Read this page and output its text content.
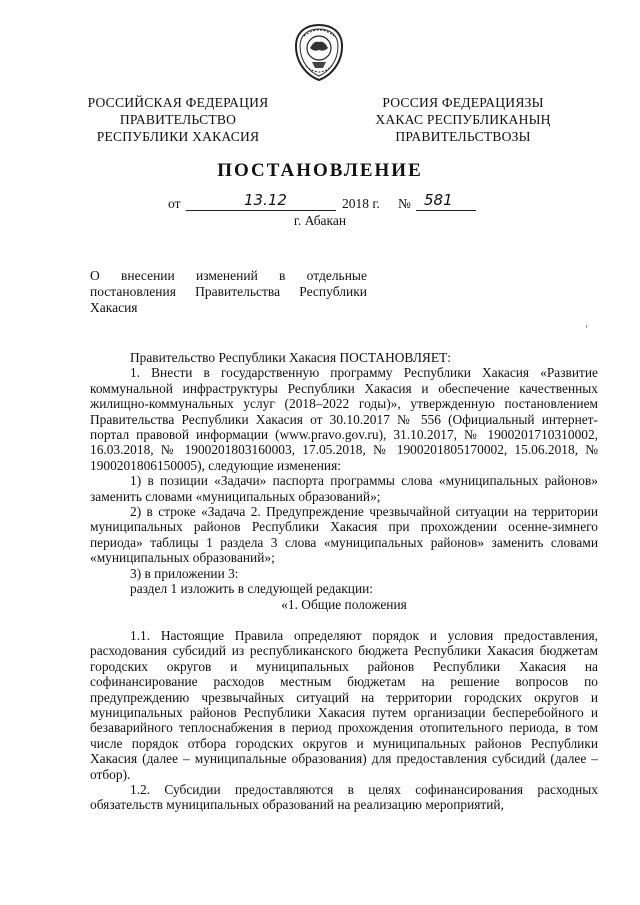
РОССИЙСКАЯ ФЕДЕРАЦИЯ
ПРАВИТЕЛЬСТВО
РЕСПУБЛИКИ ХАКАСИЯ
РОССИЯ ФЕДЕРАЦИЯЗЫ
ХАКАС РЕСПУБЛИКАНЫҢ
ПРАВИТЕЛЬСТВОЗЫ
ПОСТАНОВЛЕНИЕ
от	13.12	2018 г. № 581
г. Абакан
О внесении изменений в отдельные
постановления Правительства Республики
Хакасия
ʻ

Правительство Республики Хакасия ПОСТАНОВЛЯЕТ:

1. Внести в государственную программу Республики Хакасия «Развитие коммунальной инфраструктуры Республики Хакасия и обеспечение качественных жилищно-коммунальных услуг (2018–2022 годы)», утвержденную постановлением Правительства Республики Хакасия от 30.10.2017 № 556 (Официальный интернет-портал правовой информации (www.pravo.gov.ru), 31.10.2017, № 1900201710310002, 16.03.2018, № 1900201803160003, 17.05.2018, № 1900201805170002, 15.06.2018, № 1900201806150005), следующие изменения:

1) в позиции «Задачи» паспорта программы слова «муниципальных районов» заменить словами «муниципальных образований»;

2) в строке «Задача 2. Предупреждение чрезвычайной ситуации на территории муниципальных районов Республики Хакасия при прохождении осенне-зимнего периода» таблицы 1 раздела 3 слова «муниципальных районов» заменить словами «муниципальных образований»;

3) в приложении 3:

раздел 1 изложить в следующей редакции:

«1. Общие положения

1.1. Настоящие Правила определяют порядок и условия предоставления, расходования субсидий из республиканского бюджета Республики Хакасия бюджетам городских округов и муниципальных районов Республики Хакасия на софинансирование расходов местным бюджетам на решение вопросов по предупреждению чрезвычайных ситуаций на территории городских округов и муниципальных районов Республики Хакасия путем организации бесперебойного и безаварийного теплоснабжения в период прохождения отопительного периода, в том числе порядок отбора городских округов и муниципальных районов Республики Хакасия (далее – муниципальные образования) для предоставления субсидий (далее – отбор).

1.2. Субсидии предоставляются в целях софинансирования расходных обязательств муниципальных образований на реализацию мероприятий,
